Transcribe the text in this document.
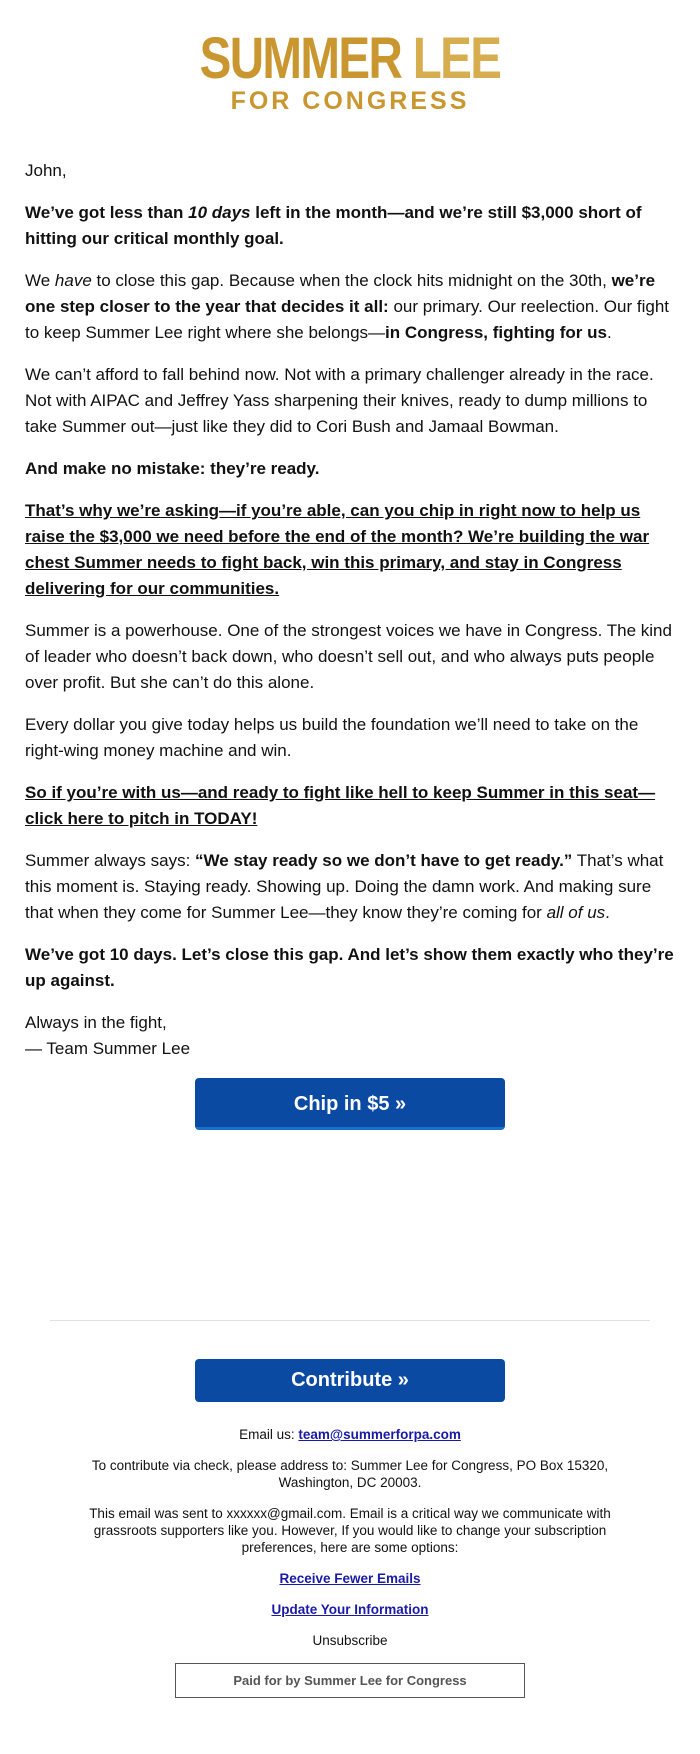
SUMMER LEE
FOR CONGRESS

John,

We’ve got less than 10 days left in the month—and we’re still $3,000 short of hitting our critical monthly goal.

We have to close this gap. Because when the clock hits midnight on the 30th, we’re one step closer to the year that decides it all: our primary. Our reelection. Our fight to keep Summer Lee right where she belongs—in Congress, fighting for us.

We can’t afford to fall behind now. Not with a primary challenger already in the race. Not with AIPAC and Jeffrey Yass sharpening their knives, ready to dump millions to take Summer out—just like they did to Cori Bush and Jamaal Bowman.

And make no mistake: they’re ready.

That’s why we’re asking—if you’re able, can you chip in right now to help us raise the $3,000 we need before the end of the month? We’re building the war chest Summer needs to fight back, win this primary, and stay in Congress delivering for our communities.

Summer is a powerhouse. One of the strongest voices we have in Congress. The kind of leader who doesn’t back down, who doesn’t sell out, and who always puts people over profit. But she can’t do this alone.

Every dollar you give today helps us build the foundation we’ll need to take on the right-wing money machine and win.

So if you’re with us—and ready to fight like hell to keep Summer in this seat—click here to pitch in TODAY!

Summer always says: “We stay ready so we don’t have to get ready.” That’s what this moment is. Staying ready. Showing up. Doing the damn work. And making sure that when they come for Summer Lee—they know they’re coming for all of us.

We’ve got 10 days. Let’s close this gap. And let’s show them exactly who they’re up against.

Always in the fight,
— Team Summer Lee

Chip in $5 »
Contribute »

Email us: team@summerforpa.com

To contribute via check, please address to: Summer Lee for Congress, PO Box 15320, Washington, DC 20003.

This email was sent to xxxxxx@gmail.com. Email is a critical way we communicate with grassroots supporters like you. However, If you would like to change your subscription preferences, here are some options:

Receive Fewer Emails

Update Your Information

Unsubscribe

Paid for by Summer Lee for Congress
